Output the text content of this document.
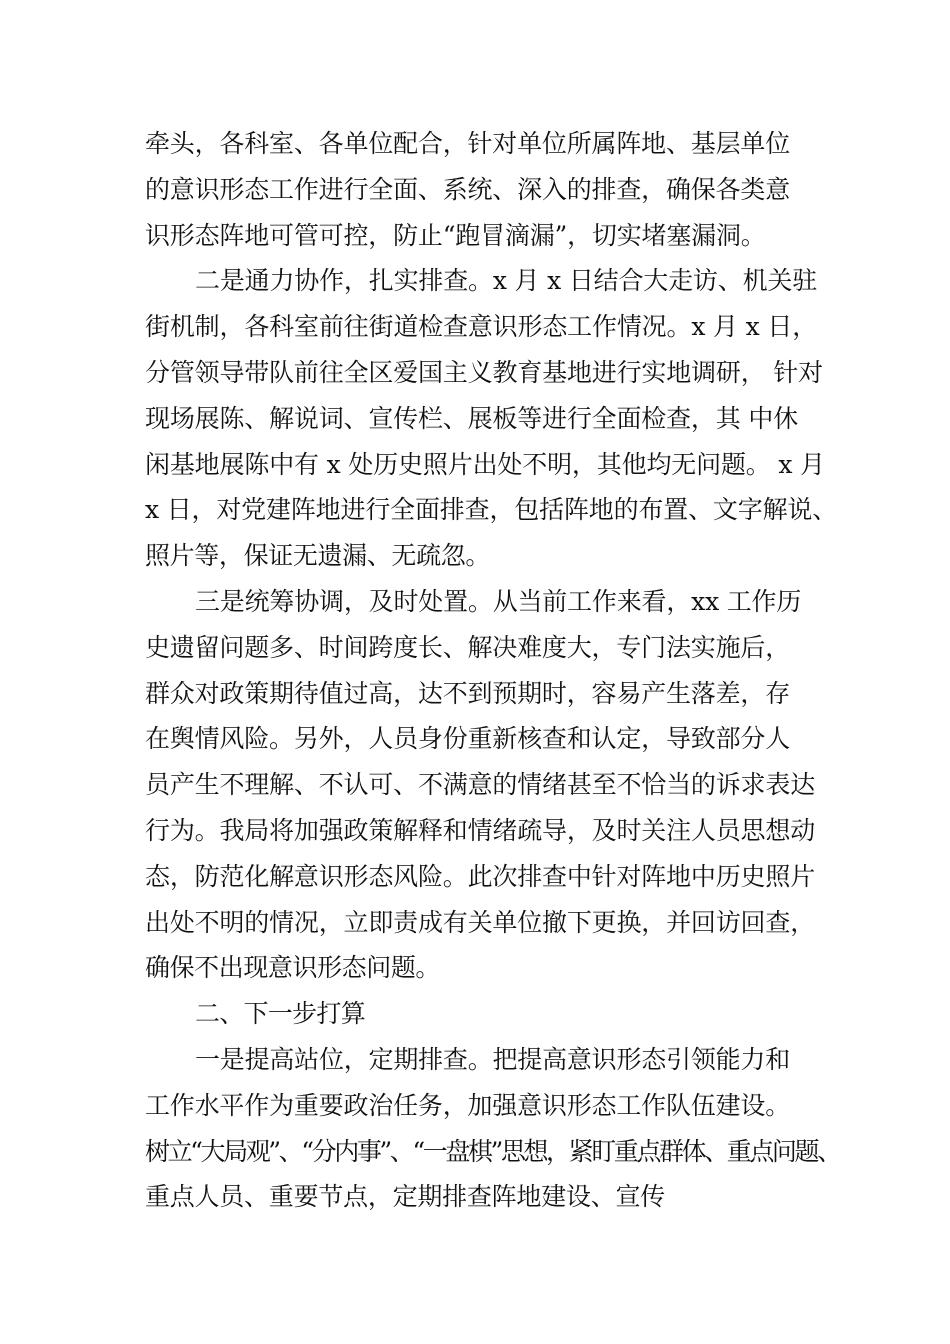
牵头，各科室、各单位配合，针对单位所属阵地、基层单位
的意识形态工作进行全面、系统、深入的排查，确保各类意
识形态阵地可管可控，防止“跑冒滴漏”，切实堵塞漏洞。
二是通力协作，扎实排查。x 月 x 日结合大走访、机关驻
街机制，各科室前往街道检查意识形态工作情况。x 月 x 日，
分管领导带队前往全区爱国主义教育基地进行实地调研， 针对
现场展陈、解说词、宣传栏、展板等进行全面检查，其 中休
闲基地展陈中有 x 处历史照片出处不明，其他均无问题。 x 月
x 日，对党建阵地进行全面排查，包括阵地的布置、文字解说、
照片等，保证无遗漏、无疏忽。
三是统筹协调，及时处置。从当前工作来看，xx 工作历
史遗留问题多、时间跨度长、解决难度大，专门法实施后，
群众对政策期待值过高，达不到预期时，容易产生落差，存
在舆情风险。另外，人员身份重新核查和认定，导致部分人
员产生不理解、不认可、不满意的情绪甚至不恰当的诉求表达
行为。我局将加强政策解释和情绪疏导，及时关注人员思想动
态，防范化解意识形态风险。此次排查中针对阵地中历史照片
出处不明的情况，立即责成有关单位撤下更换，并回访回查，
确保不出现意识形态问题。
二、下一步打算
一是提高站位，定期排查。把提高意识形态引领能力和
工作水平作为重要政治任务，加强意识形态工作队伍建设。
树立“大局观”、“分内事”、“一盘棋”思想，紧盯重点群体、重点问题、
重点人员、重要节点，定期排查阵地建设、宣传
